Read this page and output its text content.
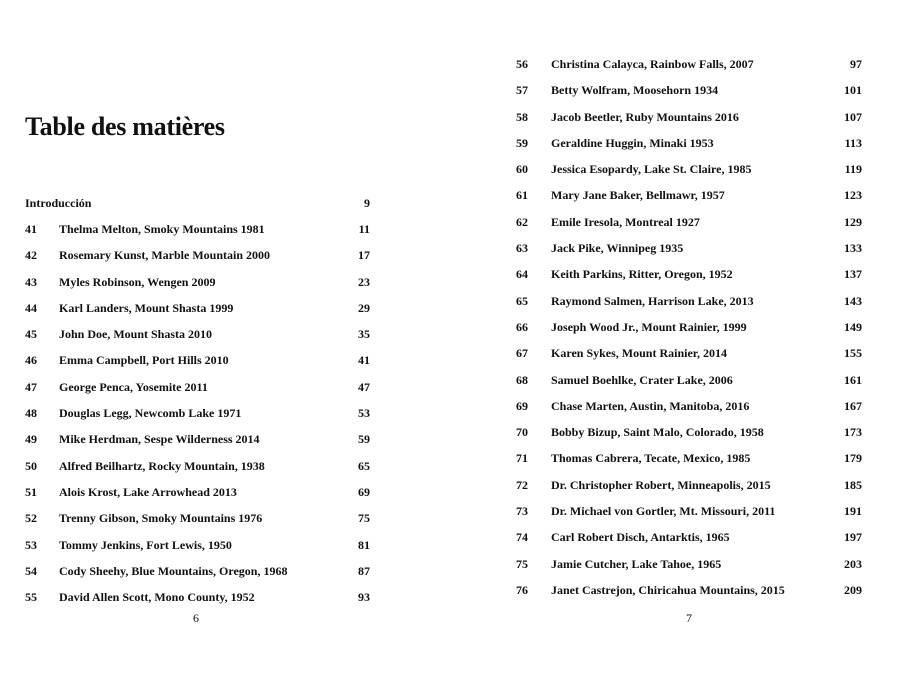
Table des matières
Introducción	9
41 Thelma Melton, Smoky Mountains 1981	11
42 Rosemary Kunst, Marble Mountain 2000	17
43 Myles Robinson, Wengen 2009	23
44 Karl Landers, Mount Shasta 1999	29
45 John Doe, Mount Shasta 2010	35
46 Emma Campbell, Port Hills 2010	41
47 George Penca, Yosemite 2011	47
48 Douglas Legg, Newcomb Lake 1971	53
49 Mike Herdman, Sespe Wilderness 2014	59
50 Alfred Beilhartz, Rocky Mountain, 1938	65
51 Alois Krost, Lake Arrowhead 2013	69
52 Trenny Gibson, Smoky Mountains 1976	75
53 Tommy Jenkins, Fort Lewis, 1950	81
54 Cody Sheehy, Blue Mountains, Oregon, 1968	87
55 David Allen Scott, Mono County, 1952	93
6
56 Christina Calayca, Rainbow Falls, 2007	97
57 Betty Wolfram, Moosehorn 1934	101
58 Jacob Beetler, Ruby Mountains 2016	107
59 Geraldine Huggin, Minaki 1953	113
60 Jessica Esopardy, Lake St. Claire, 1985	119
61 Mary Jane Baker, Bellmawr, 1957	123
62 Emile Iresola, Montreal 1927	129
63 Jack Pike, Winnipeg 1935	133
64 Keith Parkins, Ritter, Oregon, 1952	137
65 Raymond Salmen, Harrison Lake, 2013	143
66 Joseph Wood Jr., Mount Rainier, 1999	149
67 Karen Sykes, Mount Rainier, 2014	155
68 Samuel Boehlke, Crater Lake, 2006	161
69 Chase Marten, Austin, Manitoba, 2016	167
70 Bobby Bizup, Saint Malo, Colorado, 1958	173
71 Thomas Cabrera, Tecate, Mexico, 1985	179
72 Dr. Christopher Robert, Minneapolis, 2015	185
73 Dr. Michael von Gortler, Mt. Missouri, 2011	191
74 Carl Robert Disch, Antarktis, 1965	197
75 Jamie Cutcher, Lake Tahoe, 1965	203
76 Janet Castrejon, Chiricahua Mountains, 2015	209
7
